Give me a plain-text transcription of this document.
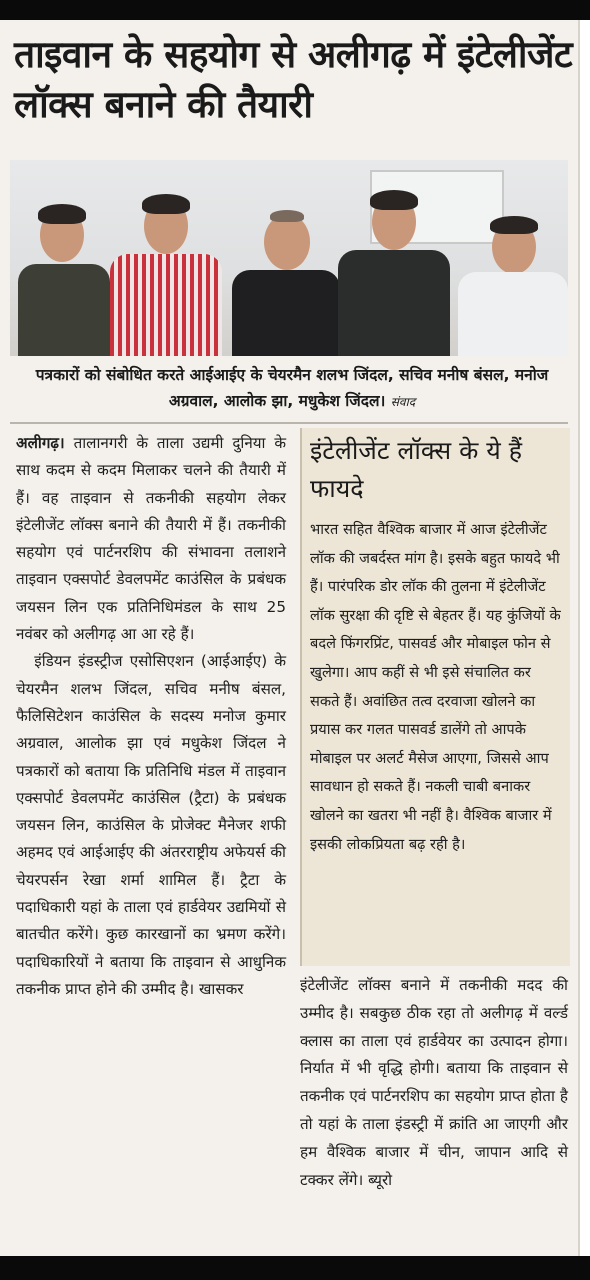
ताइवान के सहयोग से अलीगढ़ में इंटेलीजेंट लॉक्स बनाने की तैयारी
पत्रकारों को संबोधित करते आईआईए के चेयरमैन शलभ जिंदल, सचिव मनीष बंसल, मनोज अग्रवाल, आलोक झा, मधुकेश जिंदल। संवाद

अलीगढ़। तालानगरी के ताला उद्यमी दुनिया के साथ कदम से कदम मिलाकर चलने की तैयारी में हैं। वह ताइवान से तकनीकी सहयोग लेकर इंटेलीजेंट लॉक्स बनाने की तैयारी में हैं। तकनीकी सहयोग एवं पार्टनरशिप की संभावना तलाशने ताइवान एक्सपोर्ट डेवलपमेंट काउंसिल के प्रबंधक जयसन लिन एक प्रतिनिधिमंडल के साथ 25 नवंबर को अलीगढ़ आ आ रहे हैं।

इंडियन इंडस्ट्रीज एसोसिएशन (आईआईए) के चेयरमैन शलभ जिंदल, सचिव मनीष बंसल, फैलिसिटेशन काउंसिल के सदस्य मनोज कुमार अग्रवाल, आलोक झा एवं मधुकेश जिंदल ने पत्रकारों को बताया कि प्रतिनिधि मंडल में ताइवान एक्सपोर्ट डेवलपमेंट काउंसिल (ट्रैटा) के प्रबंधक जयसन लिन, काउंसिल के प्रोजेक्ट मैनेजर शफी अहमद एवं आईआईए की अंतरराष्ट्रीय अफेयर्स की चेयरपर्सन रेखा शर्मा शामिल हैं। ट्रैटा के पदाधिकारी यहां के ताला एवं हार्डवेयर उद्यमियों से बातचीत करेंगे। कुछ कारखानों का भ्रमण करेंगे। पदाधिकारियों ने बताया कि ताइवान से आधुनिक तकनीक प्राप्त होने की उम्मीद है। खासकर

इंटेलीजेंट लॉक्स के ये हैं फायदे
भारत सहित वैश्विक बाजार में आज इंटेलीजेंट लॉक की जबर्दस्त मांग है। इसके बहुत फायदे भी हैं। पारंपरिक डोर लॉक की तुलना में इंटेलीजेंट लॉक सुरक्षा की दृष्टि से बेहतर हैं। यह कुंजियों के बदले फिंगरप्रिंट, पासवर्ड और मोबाइल फोन से खुलेगा। आप कहीं से भी इसे संचालित कर सकते हैं। अवांछित तत्व दरवाजा खोलने का प्रयास कर गलत पासवर्ड डालेंगे तो आपके मोबाइल पर अलर्ट मैसेज आएगा, जिससे आप सावधान हो सकते हैं। नकली चाबी बनाकर खोलने का खतरा भी नहीं है। वैश्विक बाजार में इसकी लोकप्रियता बढ़ रही है।
इंटेलीजेंट लॉक्स बनाने में तकनीकी मदद की उम्मीद है। सबकुछ ठीक रहा तो अलीगढ़ में वर्ल्ड क्लास का ताला एवं हार्डवेयर का उत्पादन होगा। निर्यात में भी वृद्धि होगी। बताया कि ताइवान से तकनीक एवं पार्टनरशिप का सहयोग प्राप्त होता है तो यहां के ताला इंडस्ट्री में क्रांति आ जाएगी और हम वैश्विक बाजार में चीन, जापान आदि से टक्कर लेंगे। ब्यूरो
